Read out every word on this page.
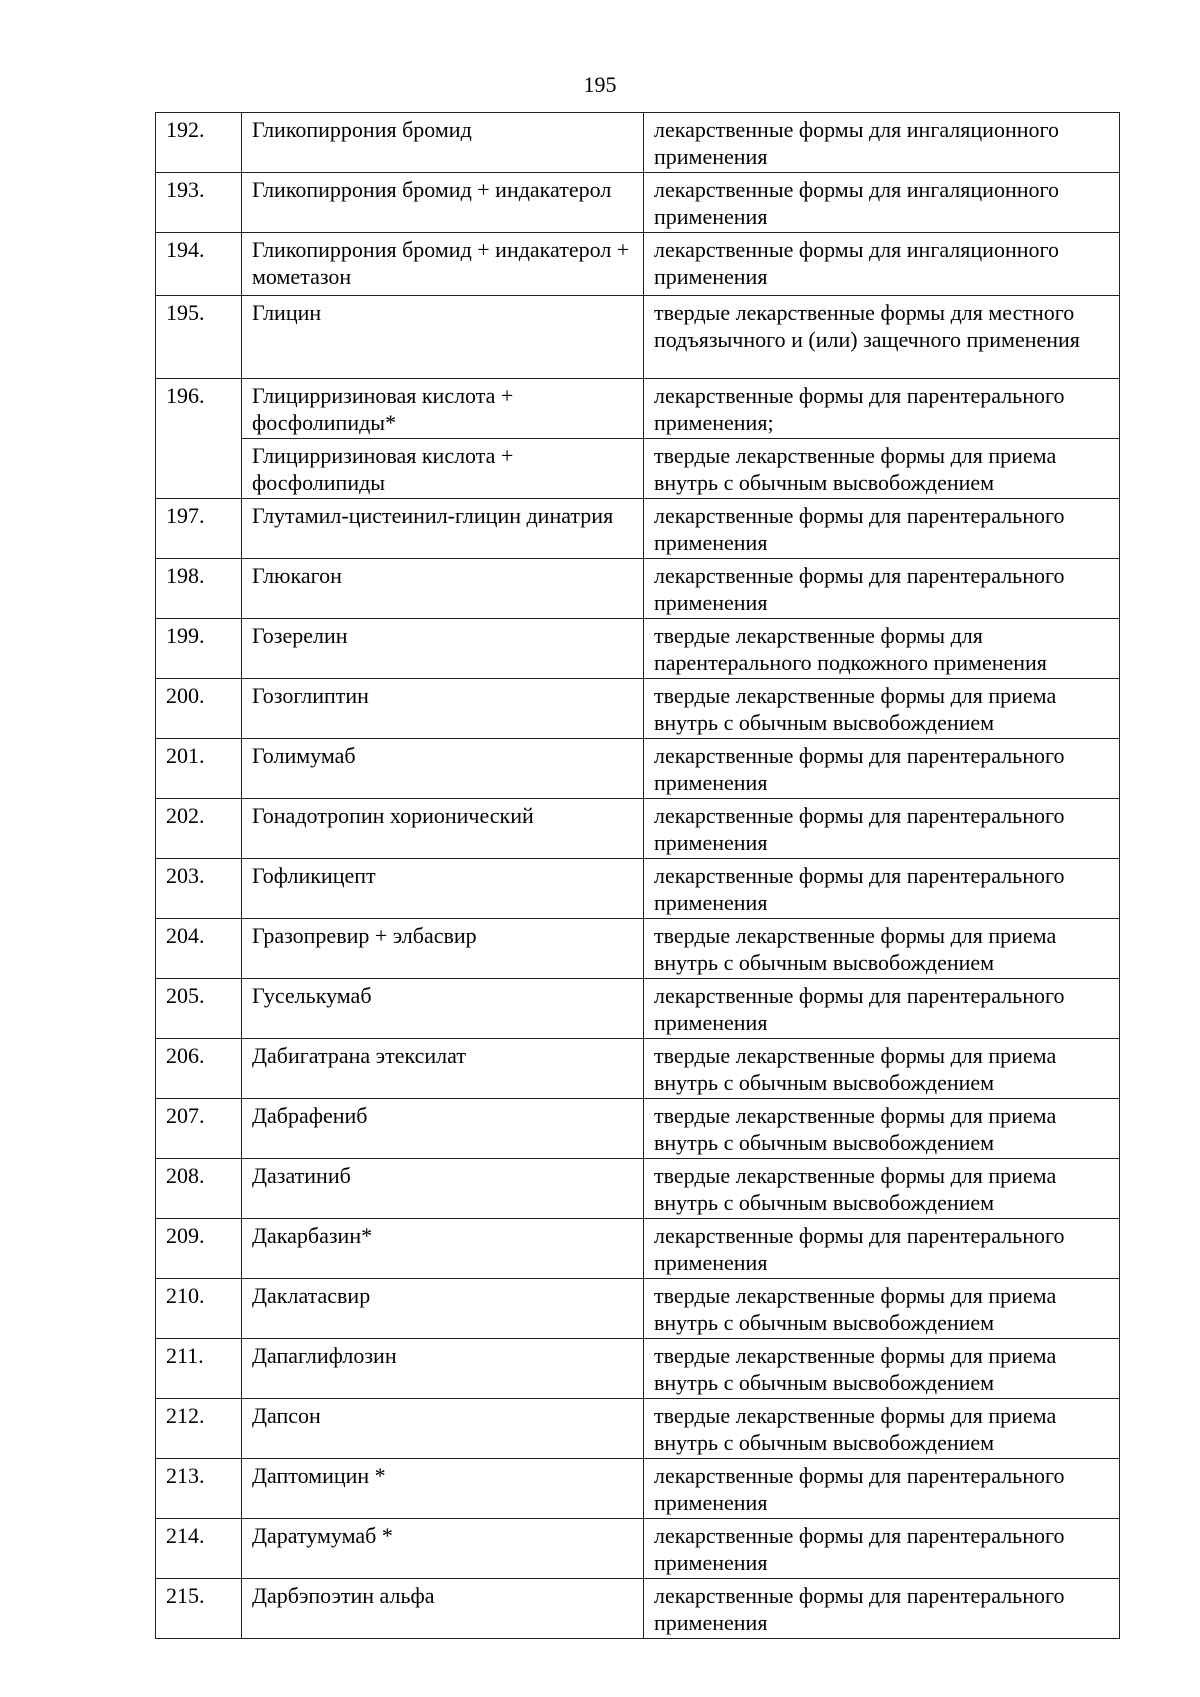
195
192.	Гликопиррония бромид	лекарственные формы для ингаляционного применения
193.	Гликопиррония бромид + индакатерол	лекарственные формы для ингаляционного применения
194.	Гликопиррония бромид + индакатерол + мометазон	лекарственные формы для ингаляционного применения
195.	Глицин	твердые лекарственные формы для местного подъязычного и (или) защечного применения
196.	Глицирризиновая кислота + фосфолипиды*	лекарственные формы для парентерального применения;
	Глицирризиновая кислота + фосфолипиды	твердые лекарственные формы для приема внутрь с обычным высвобождением
197.	Глутамил-цистеинил-глицин динатрия	лекарственные формы для парентерального применения
198.	Глюкагон	лекарственные формы для парентерального применения
199.	Гозерелин	твердые лекарственные формы для парентерального подкожного применения
200.	Гозоглиптин	твердые лекарственные формы для приема внутрь с обычным высвобождением
201.	Голимумаб	лекарственные формы для парентерального применения
202.	Гонадотропин хорионический	лекарственные формы для парентерального применения
203.	Гофликицепт	лекарственные формы для парентерального применения
204.	Гразопревир + элбасвир	твердые лекарственные формы для приема внутрь с обычным высвобождением
205.	Гуселькумаб	лекарственные формы для парентерального применения
206.	Дабигатрана этексилат	твердые лекарственные формы для приема внутрь с обычным высвобождением
207.	Дабрафениб	твердые лекарственные формы для приема внутрь с обычным высвобождением
208.	Дазатиниб	твердые лекарственные формы для приема внутрь с обычным высвобождением
209.	Дакарбазин*	лекарственные формы для парентерального применения
210.	Даклатасвир	твердые лекарственные формы для приема внутрь с обычным высвобождением
211.	Дапаглифлозин	твердые лекарственные формы для приема внутрь с обычным высвобождением
212.	Дапсон	твердые лекарственные формы для приема внутрь с обычным высвобождением
213.	Даптомицин *	лекарственные формы для парентерального применения
214.	Даратумумаб *	лекарственные формы для парентерального применения
215.	Дарбэпоэтин альфа	лекарственные формы для парентерального применения
